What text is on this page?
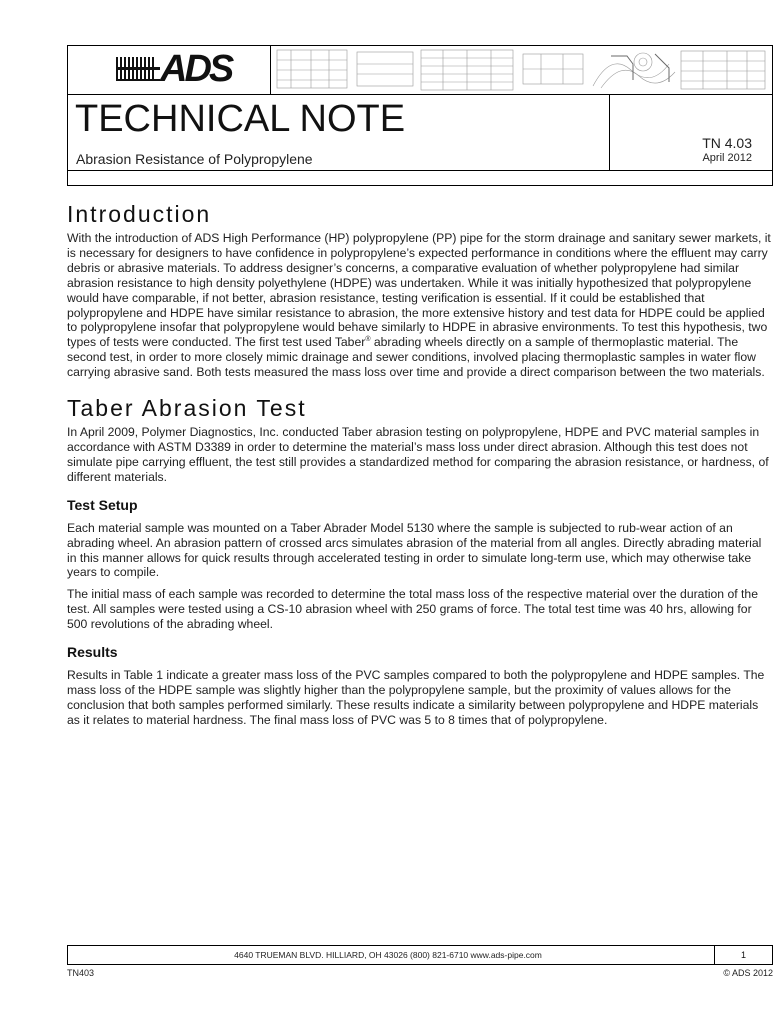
ADS
TECHNICAL NOTE
Abrasion Resistance of Polypropylene
TN 4.03
April 2012
Introduction

With the introduction of ADS High Performance (HP) polypropylene (PP) pipe for the storm drainage and sanitary sewer markets, it is necessary for designers to have confidence in polypropylene’s expected performance in conditions where the effluent may carry debris or abrasive materials. To address designer’s concerns, a comparative evaluation of whether polypropylene had similar abrasion resistance to high density polyethylene (HDPE) was undertaken. While it was initially hypothesized that polypropylene would have comparable, if not better, abrasion resistance, testing verification is essential. If it could be established that polypropylene and HDPE have similar resistance to abrasion, the more extensive history and test data for HDPE could be applied to polypropylene insofar that polypropylene would behave similarly to HDPE in abrasive environments. To test this hypothesis, two types of tests were conducted. The first test used Taber® abrading wheels directly on a sample of thermoplastic material. The second test, in order to more closely mimic drainage and sewer conditions, involved placing thermoplastic samples in water flow carrying abrasive sand. Both tests measured the mass loss over time and provide a direct comparison between the two materials.

Taber Abrasion Test

In April 2009, Polymer Diagnostics, Inc. conducted Taber abrasion testing on polypropylene, HDPE and PVC material samples in accordance with ASTM D3389 in order to determine the material’s mass loss under direct abrasion. Although this test does not simulate pipe carrying effluent, the test still provides a standardized method for comparing the abrasion resistance, or hardness, of different materials.

Test Setup

Each material sample was mounted on a Taber Abrader Model 5130 where the sample is subjected to rub-wear action of an abrading wheel. An abrasion pattern of crossed arcs simulates abrasion of the material from all angles. Directly abrading material in this manner allows for quick results through accelerated testing in order to simulate long-term use, which may otherwise take years to compile.

The initial mass of each sample was recorded to determine the total mass loss of the respective material over the duration of the test. All samples were tested using a CS-10 abrasion wheel with 250 grams of force. The total test time was 40 hrs, allowing for 500 revolutions of the abrading wheel.

Results

Results in Table 1 indicate a greater mass loss of the PVC samples compared to both the polypropylene and HDPE samples. The mass loss of the HDPE sample was slightly higher than the polypropylene sample, but the proximity of values allows for the conclusion that both samples performed similarly. These results indicate a similarity between polypropylene and HDPE materials as it relates to material hardness. The final mass loss of PVC was 5 to 8 times that of polypropylene.

4640 TRUEMAN BLVD. HILLIARD, OH 43026 (800) 821-6710 www.ads-pipe.com	1
TN403	© ADS 2012
